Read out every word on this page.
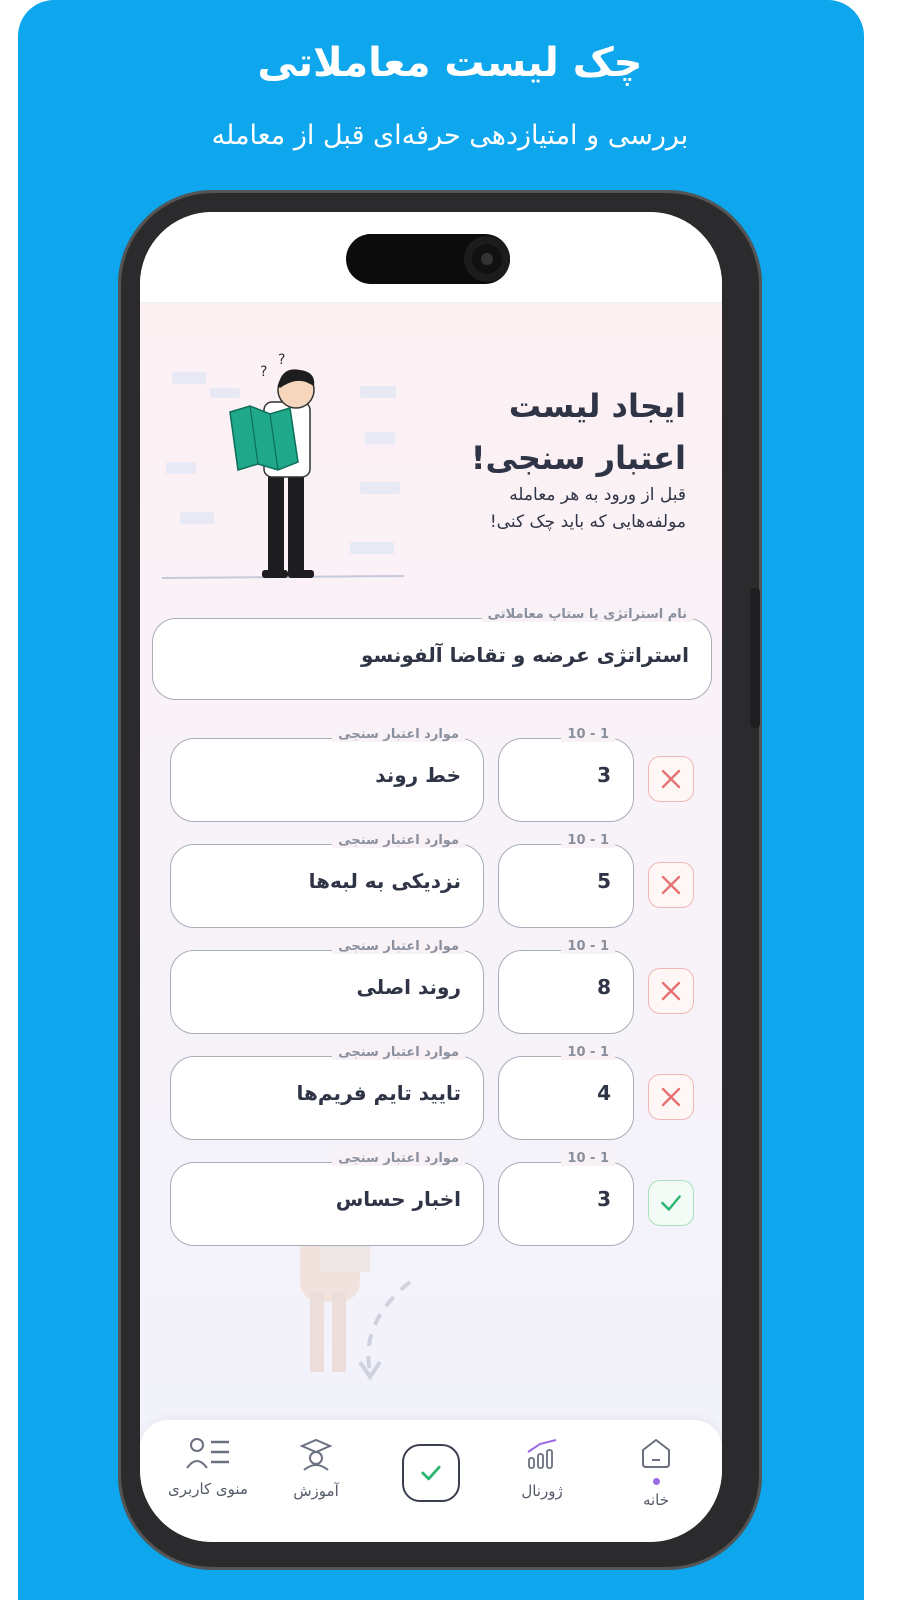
چک لیست معاملاتی
بررسی و امتیازدهی حرفه‌ای قبل از معامله
?
?
ایجاد لیست
اعتبار سنجی!
قبل از ورود به هر معامله
مولفه‌هایی که باید چک کنی!
نام استراتژی یا ستاپ معاملاتی
استراتژی عرضه و تقاضا آلفونسو
موارد اعتبار سنجی
خط روند
1 - 10
3
موارد اعتبار سنجی
نزدیکی به لبه‌ها
1 - 10
5
موارد اعتبار سنجی
روند اصلی
1 - 10
8
موارد اعتبار سنجی
تایید تایم فریم‌ها
1 - 10
4
موارد اعتبار سنجی
اخبار حساس
1 - 10
3
منوی کاربری	آموزش	ژورنال	خانه
